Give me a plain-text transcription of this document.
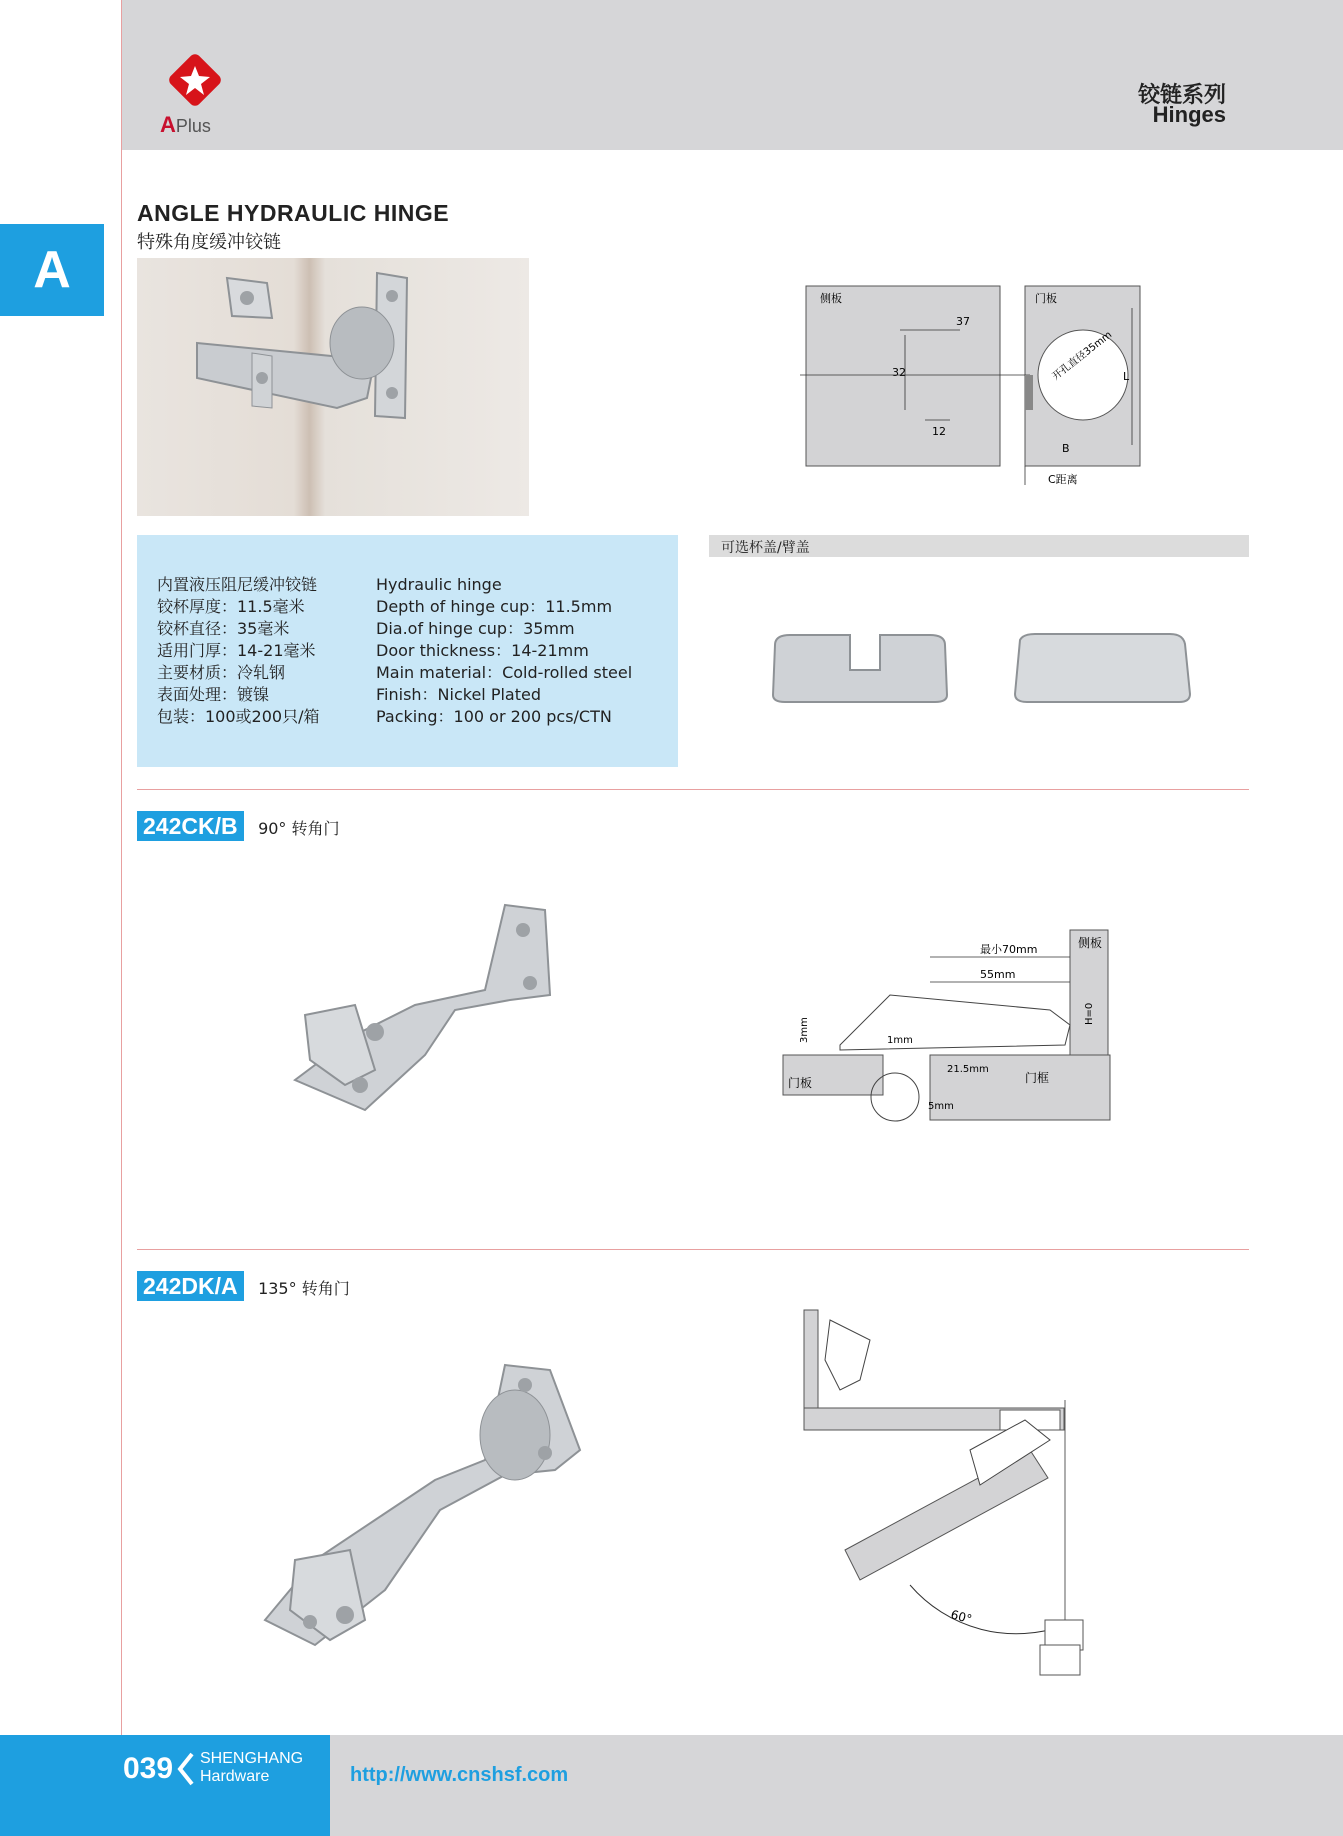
APlus
铰链系列
Hinges
A
ANGLE HYDRAULIC HINGE
特殊角度缓冲铰链
内置液压阻尼缓冲铰链
铰杯厚度：11.5毫米
铰杯直径：35毫米
适用门厚：14-21毫米
主要材质：冷轧钢
表面处理：镀镍
包装：100或200只/箱
Hydraulic hinge
Depth of hinge cup：11.5mm
Dia.of hinge cup：35mm
Door thickness：14-21mm
Main material：Cold-rolled steel
Finish：Nickel Plated
Packing：100 or 200 pcs/CTN
侧板	门板
37
32
12
开孔直径35mm L
B
C距离
可选杯盖/臂盖
242CK/B 90° 转角门
侧板
最小70mm
55mm
3mm	1mm
H=0
21.5mm
5mm
门板	门框
242DK/A 135° 转角门
60°
039 SHENGHANG
Hardware	http://www.cnshsf.com
